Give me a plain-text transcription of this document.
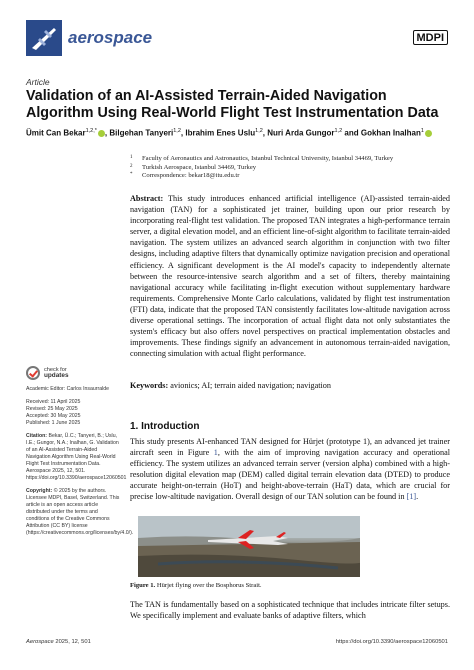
aerospace	MDPI
Article
Validation of an AI-Assisted Terrain-Aided Navigation Algorithm Using Real-World Flight Test Instrumentation Data
Ümit Can Bekar$^{1,2,*}$ , Bilgehan Tanyeri$^{1,2}$, Ibrahim Enes Uslu$^{1,2}$, Nuri Arda Gungor$^{1,2}$ and Gokhan Inalhan$^1$
1 Faculty of Aeronautics and Astronautics, Istanbul Technical University, Istanbul 34469, Turkey
2 Turkish Aerospace, Istanbul 34469, Turkey
* Correspondence: bekar18@itu.edu.tr
Abstract: This study introduces enhanced artificial intelligence (AI)-assisted terrain-aided navigation (TAN) for a sophisticated jet trainer, building upon our prior research by incorporating real-flight test validation. The proposed TAN integrates a high-performance terrain server, a digital elevation model, and an efficient line-of-sight algorithm to facilitate terrain-aided navigation. The system utilizes an advanced search algorithm in conjunction with two filter designs, including adaptive filters that dynamically optimize navigation precision and operational efficiency. A significant development is the AI model's capacity to independently alternate between the resource-intensive search algorithm and a set of filters, thereby maintaining navigational accuracy while facilitating in-flight execution without supplementary hardware requirements. Comprehensive Monte Carlo calculations, validated by flight test instrumentation (FTI) data, indicate that the proposed TAN consistently facilitates low-altitude navigation across diverse operational settings. The incorporation of actual flight data not only substantiates the system's efficacy but also offers novel perspectives on practical implementation obstacles and improvements. These findings signify an advancement in autonomous terrain-aided navigation, connecting simulation with actual flight performance.
Keywords: avionics; AI; terrain aided navigation; navigation
check for
updates
Academic Editor: Carlos Insaurralde
Received: 11 April 2025
Revised: 25 May 2025
Accepted: 30 May 2025
Published: 1 June 2025
Citation: Bekar, Ü.C.; Tanyeri, B.; Uslu, I.E.; Gungor, N.A.; Inalhan, G. Validation of an AI-Assisted Terrain-Aided Navigation Algorithm Using Real-World Flight Test Instrumentation Data. Aerospace 2025, 12, 501. https://doi.org/10.3390/aerospace12060501
Copyright: © 2025 by the authors. Licensee MDPI, Basel, Switzerland. This article is an open access article distributed under the terms and conditions of the Creative Commons Attribution (CC BY) license (https://creativecommons.org/licenses/by/4.0/).
1. Introduction
This study presents AI-enhanced TAN designed for Hürjet (prototype 1), an advanced jet trainer aircraft seen in Figure 1, with the aim of improving navigation accuracy and operational efficiency. The system utilizes an advanced terrain server (version alpha) combined with a high-resolution digital elevation map (DEM) called digital terrain elevation data (DTED) to produce accurate height-on-terrain (HoT) and height-above-terrain (HaT) data, which are crucial for precise low-altitude navigation. Overall design of our TAN solution can be found in [1].
Figure 1. Hürjet flying over the Bosphorus Strait.
The TAN is fundamentally based on a sophisticated technique that includes intricate filter setups. We specifically implement and evaluate banks of adaptive filters, which
Aerospace 2025, 12, 501	https://doi.org/10.3390/aerospace12060501
